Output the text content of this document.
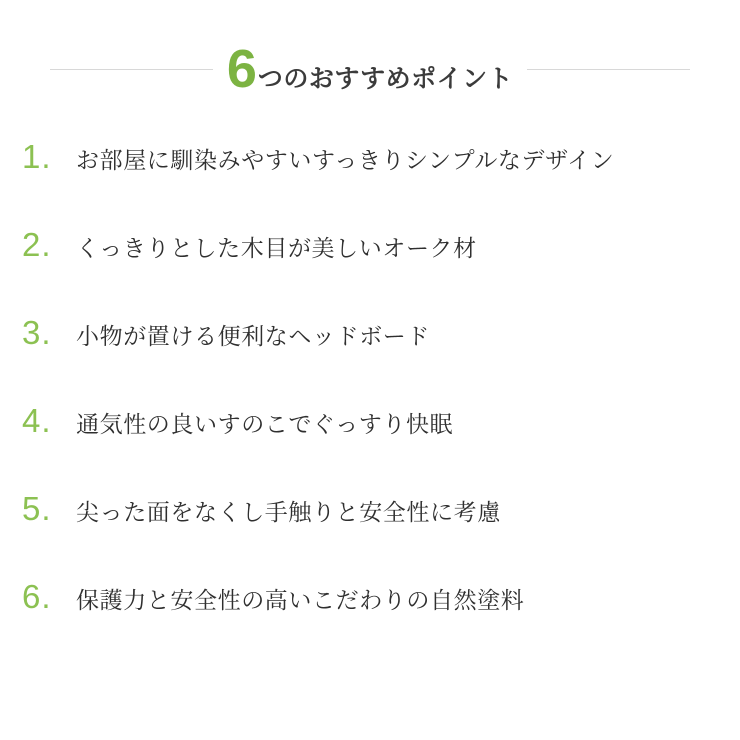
6 つのおすすめポイント
1.	お部屋に馴染みやすいすっきりシンプルなデザイン
2.	くっきりとした木目が美しいオーク材
3.	小物が置ける便利なヘッドボード
4.	通気性の良いすのこでぐっすり快眠
5.	尖った面をなくし手触りと安全性に考慮
6.	保護力と安全性の高いこだわりの自然塗料
